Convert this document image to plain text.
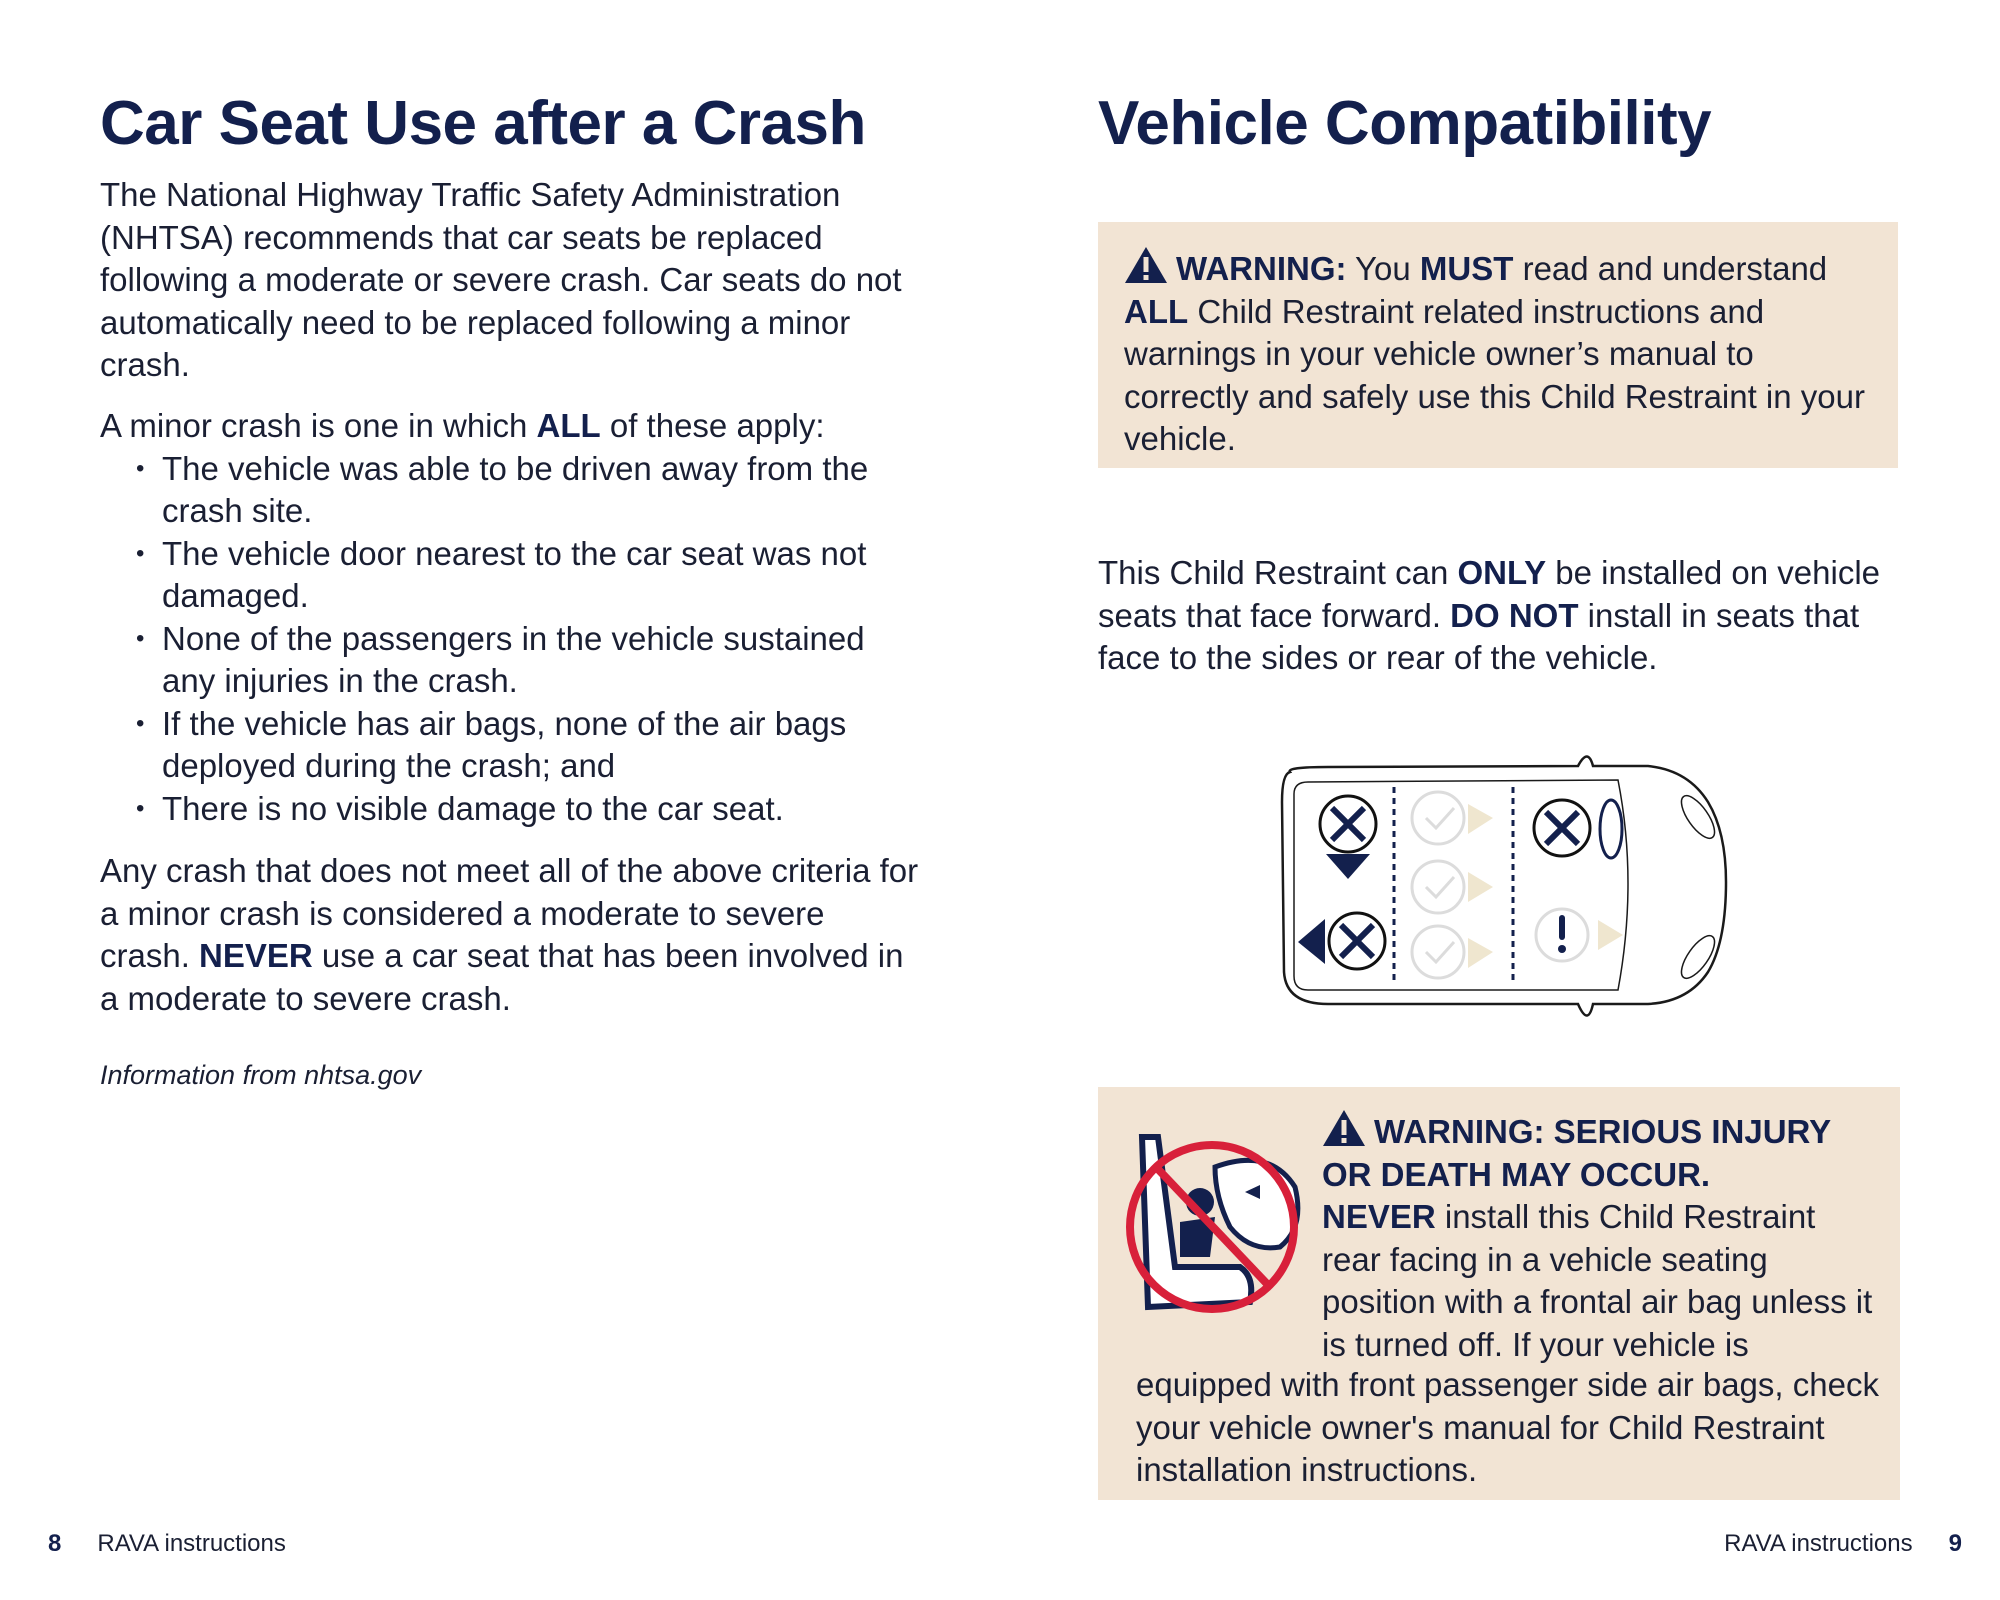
Car Seat Use after a Crash
The National Highway Traffic Safety Administration (NHTSA) recommends that car seats be replaced following a moderate or severe crash. Car seats do not automatically need to be replaced following a minor crash.
A minor crash is one in which ALL of these apply:
• The vehicle was able to be driven away from the crash site.
• The vehicle door nearest to the car seat was not damaged.
• None of the passengers in the vehicle sustained any injuries in the crash.
• If the vehicle has air bags, none of the air bags deployed during the crash; and
• There is no visible damage to the car seat.
Any crash that does not meet all of the above criteria for a minor crash is considered a moderate to severe crash. NEVER use a car seat that has been involved in a moderate to severe crash.
Information from nhtsa.gov
Vehicle Compatibility
WARNING: You MUST read and understand ALL Child Restraint related instructions and warnings in your vehicle owner’s manual to correctly and safely use this Child Restraint in your vehicle.
This Child Restraint can ONLY be installed on vehicle seats that face forward. DO NOT install in seats that face to the sides or rear of the vehicle.
WARNING: SERIOUS INJURY OR DEATH MAY OCCUR.
NEVER install this Child Restraint rear facing in a vehicle seating position with a frontal air bag unless it is turned off. If your vehicle is
equipped with front passenger side air bags, check your vehicle owner's manual for Child Restraint installation instructions.
8 RAVA instructions	RAVA instructions 9
